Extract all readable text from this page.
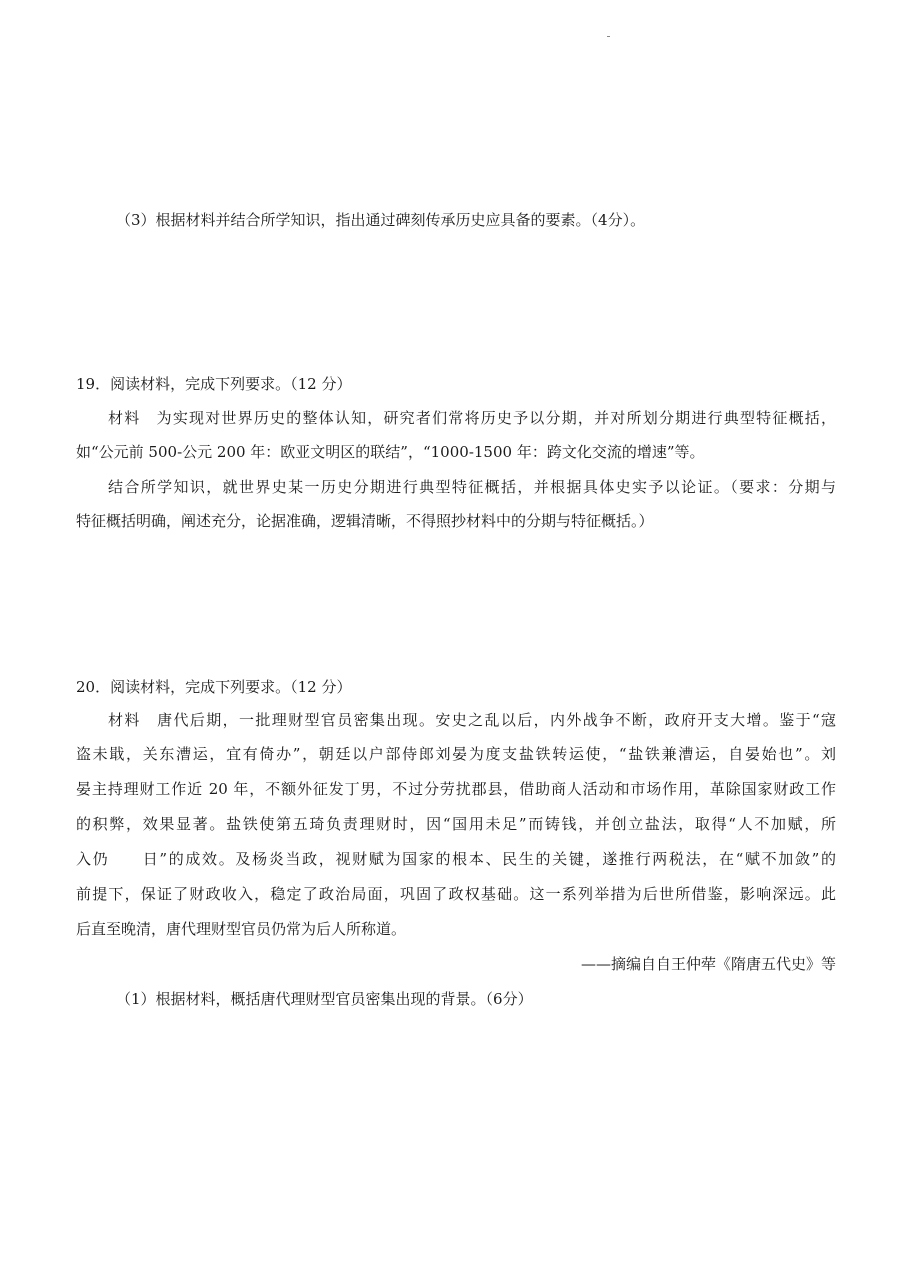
（3）根据材料并结合所学知识，指出通过碑刻传承历史应具备的要素。（4分）。
19．阅读材料，完成下列要求。（12 分）
材料　为实现对世界历史的整体认知，研究者们常将历史予以分期，并对所划分期进行典型特征概括，
如“公元前 500-公元 200 年：欧亚文明区的联结”，“1000-1500 年：跨文化交流的增速”等。
结合所学知识，就世界史某一历史分期进行典型特征概括，并根据具体史实予以论证。（要求：分期与
特征概括明确，阐述充分，论据准确，逻辑清晰，不得照抄材料中的分期与特征概括。）
20．阅读材料，完成下列要求。（12 分）
材料　唐代后期，一批理财型官员密集出现。安史之乱以后，内外战争不断，政府开支大增。鉴于“寇
盗未戢，关东漕运，宜有倚办”，朝廷以户部侍郎刘晏为度支盐铁转运使，“盐铁兼漕运，自晏始也”。刘
晏主持理财工作近 20 年，不额外征发丁男，不过分劳扰郡县，借助商人活动和市场作用，革除国家财政工作
的积弊，效果显著。盐铁使第五琦负责理财时，因“国用未足”而铸钱，并创立盐法，取得“人不加赋，所
入仍　　日”的成效。及杨炎当政，视财赋为国家的根本、民生的关键，遂推行两税法，在“赋不加敛”的
前提下，保证了财政收入，稳定了政治局面，巩固了政权基础。这一系列举措为后世所借鉴，影响深远。此
后直至晚清，唐代理财型官员仍常为后人所称道。
——摘编自自王仲荦《隋唐五代史》等
（1）根据材料，概括唐代理财型官员密集出现的背景。（6分）
